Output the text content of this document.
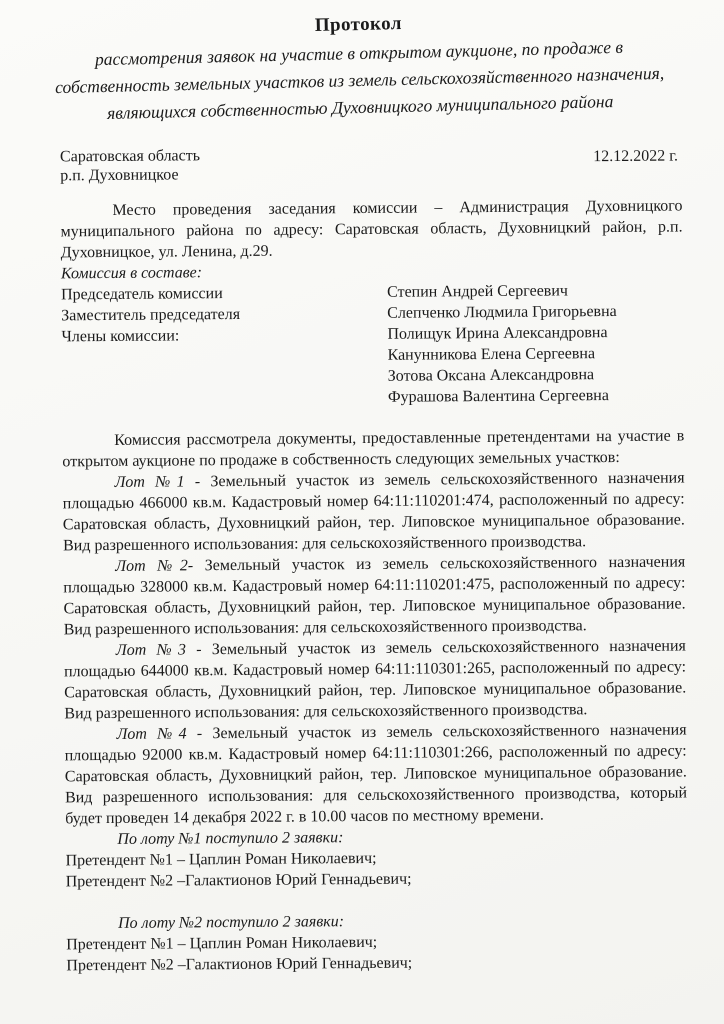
Протокол
рассмотрения заявок на участие в открытом аукционе, по продаже в собственность земельных участков из земель сельскохозяйственного назначения, являющихся собственностью Духовницкого муниципального района
Саратовская область
р.п. Духовницкое
12.12.2022 г.

Место проведения заседания комиссии – Администрация Духовницкого муниципального района по адресу: Саратовская область, Духовницкий район, р.п. Духовницкое, ул. Ленина, д.29.

Комиссия в составе:
Председатель комиссии	Степин Андрей Сергеевич
Заместитель председателя	Слепченко Людмила Григорьевна
Члены комиссии:	Полищук Ирина Александровна
Канунникова Елена Сергеевна
Зотова Оксана Александровна
Фурашова Валентина Сергеевна

Комиссия рассмотрела документы, предоставленные претендентами на участие в открытом аукционе по продаже в собственность следующих земельных участков:

Лот №1 - Земельный участок из земель сельскохозяйственного назначения площадью 466000 кв.м. Кадастровый номер 64:11:110201:474, расположенный по адресу: Саратовская область, Духовницкий район, тер. Липовское муниципальное образование. Вид разрешенного использования: для сельскохозяйственного производства.

Лот №2- Земельный участок из земель сельскохозяйственного назначения площадью 328000 кв.м. Кадастровый номер 64:11:110201:475, расположенный по адресу: Саратовская область, Духовницкий район, тер. Липовское муниципальное образование. Вид разрешенного использования: для сельскохозяйственного производства.

Лот №3 - Земельный участок из земель сельскохозяйственного назначения площадью 644000 кв.м. Кадастровый номер 64:11:110301:265, расположенный по адресу: Саратовская область, Духовницкий район, тер. Липовское муниципальное образование. Вид разрешенного использования: для сельскохозяйственного производства.

Лот №4 - Земельный участок из земель сельскохозяйственного назначения площадью 92000 кв.м. Кадастровый номер 64:11:110301:266, расположенный по адресу: Саратовская область, Духовницкий район, тер. Липовское муниципальное образование. Вид разрешенного использования: для сельскохозяйственного производства, который будет проведен 14 декабря 2022 г. в 10.00 часов по местному времени.

По лоту №1 поступило 2 заявки:
Претендент №1 – Цаплин Роман Николаевич;
Претендент №2 –Галактионов Юрий Геннадьевич;
По лоту №2 поступило 2 заявки:
Претендент №1 – Цаплин Роман Николаевич;
Претендент №2 –Галактионов Юрий Геннадьевич;
